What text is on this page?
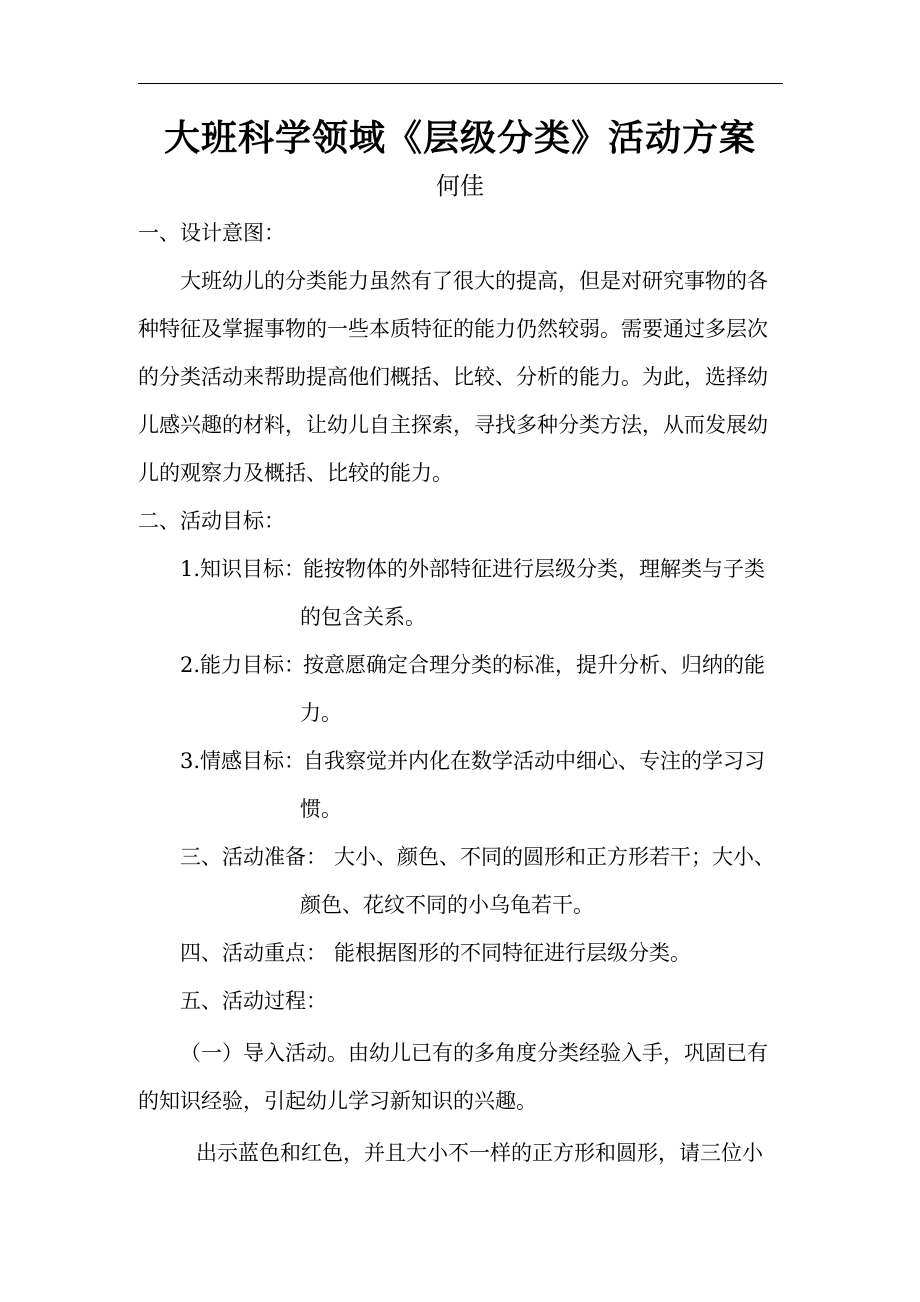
大班科学领域《层级分类》活动方案
何佳
一、设计意图：
大班幼儿的分类能力虽然有了很大的提高，但是对研究事物的各
种特征及掌握事物的一些本质特征的能力仍然较弱。需要通过多层次
的分类活动来帮助提高他们概括、比较、分析的能力。为此，选择幼
儿感兴趣的材料，让幼儿自主探索，寻找多种分类方法，从而发展幼
儿的观察力及概括、比较的能力。
二、活动目标：
1.知识目标：
能按物体的外部特征进行层级分类，理解类与子类
的包含关系。
2.能力目标：
按意愿确定合理分类的标准，提升分析、归纳的能
力。
3.情感目标：
自我察觉并内化在数学活动中细心、专注的学习习
惯。
三、活动准备： 大小、颜色、不同的圆形和正方形若干；大小、
颜色、花纹不同的小乌龟若干。
四、活动重点： 能根据图形的不同特征进行层级分类。
五、活动过程：
（一）导入活动。由幼儿已有的多角度分类经验入手，巩固已有
的知识经验，引起幼儿学习新知识的兴趣。
出示蓝色和红色，并且大小不一样的正方形和圆形，请三位小
